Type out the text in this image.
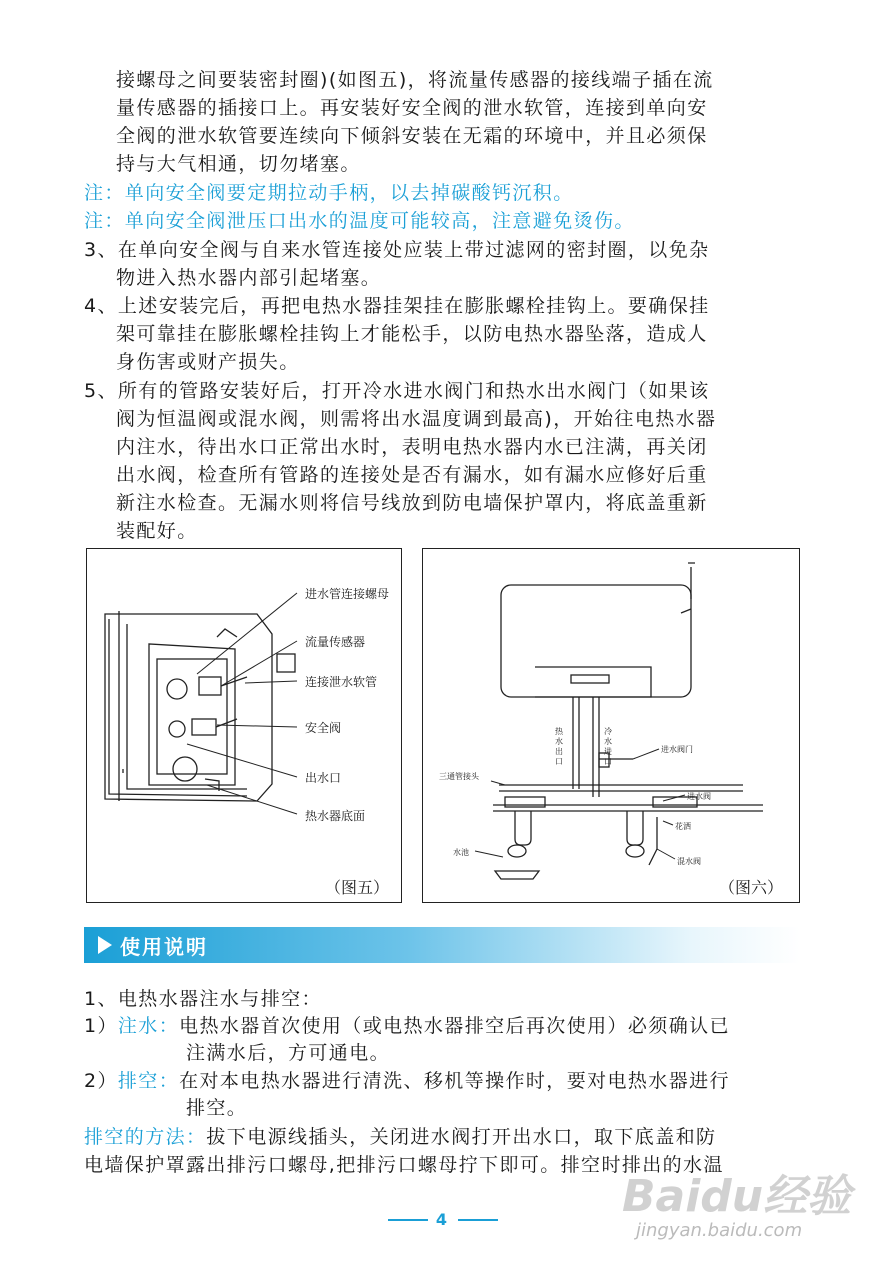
接螺母之间要装密封圈)(如图五)，将流量传感器的接线端子插在流
量传感器的插接口上。再安装好安全阀的泄水软管，连接到单向安
全阀的泄水软管要连续向下倾斜安装在无霜的环境中，并且必须保
持与大气相通，切勿堵塞。
注：单向安全阀要定期拉动手柄，以去掉碳酸钙沉积。
注：单向安全阀泄压口出水的温度可能较高，注意避免烫伤。
3、在单向安全阀与自来水管连接处应装上带过滤网的密封圈，以免杂
物进入热水器内部引起堵塞。
4、上述安装完后，再把电热水器挂架挂在膨胀螺栓挂钩上。要确保挂
架可靠挂在膨胀螺栓挂钩上才能松手，以防电热水器坠落，造成人
身伤害或财产损失。
5、所有的管路安装好后，打开冷水进水阀门和热水出水阀门（如果该
阀为恒温阀或混水阀，则需将出水温度调到最高)，开始往电热水器
内注水，待出水口正常出水时，表明电热水器内水已注满，再关闭
出水阀，检查所有管路的连接处是否有漏水，如有漏水应修好后重
新注水检查。无漏水则将信号线放到防电墙保护罩内，将底盖重新
装配好。
进水管连接螺母
流量传感器
连接泄水软管
安全阀
出水口
热水器底面
（图五）
热水出口
冷水进口
进水阀门
三通管接头
进水阀
花洒
水池
混水阀
（图六）
使用说明
1、电热水器注水与排空：
1）注水：电热水器首次使用（或电热水器排空后再次使用）必须确认已
注满水后，方可通电。
2）排空：在对本电热水器进行清洗、移机等操作时，要对电热水器进行
排空。
排空的方法：拔下电源线插头，关闭进水阀打开出水口，取下底盖和防
电墙保护罩露出排污口螺母,把排污口螺母拧下即可。排空时排出的水温
4	Baidu经验
jingyan.baidu.com
